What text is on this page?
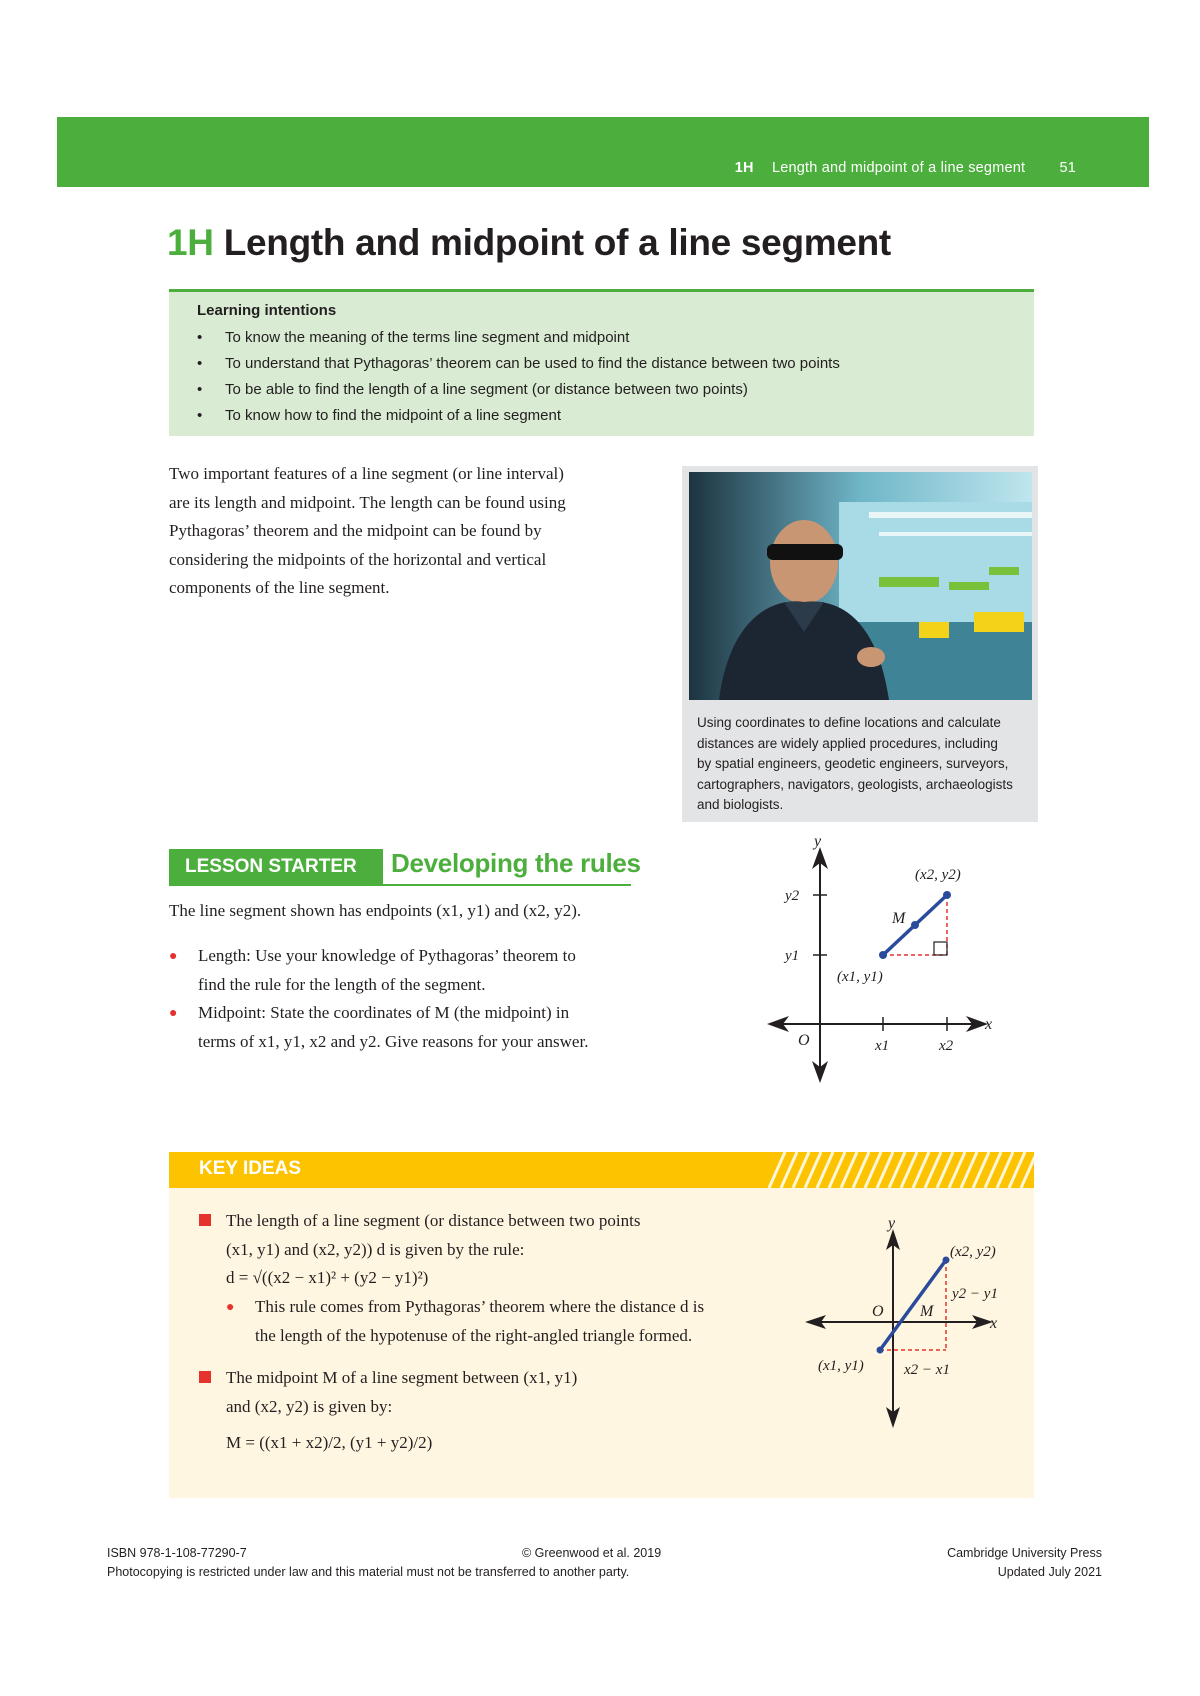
1H Length and midpoint of a line segment 51
1H Length and midpoint of a line segment
Learning intentions
• To know the meaning of the terms line segment and midpoint
• To understand that Pythagoras’ theorem can be used to find the distance between two points
• To be able to find the length of a line segment (or distance between two points)
• To know how to find the midpoint of a line segment
Two important features of a line segment (or line interval)
are its length and midpoint. The length can be found using
Pythagoras’ theorem and the midpoint can be found by
considering the midpoints of the horizontal and vertical
components of the line segment.
Using coordinates to define locations and calculate
distances are widely applied procedures, including
by spatial engineers, geodetic engineers, surveyors,
cartographers, navigators, geologists, archaeologists
and biologists.
LESSON STARTER	Developing the rules
The line segment shown has endpoints (x1, y1) and (x2, y2).
● Length: Use your knowledge of Pythagoras’ theorem to
find the rule for the length of the segment.
● Midpoint: State the coordinates of M (the midpoint) in
terms of x1, y1, x2 and y2. Give reasons for your answer.
y
x
O
M
y2
y1
x1	x2
(x1, y1)
(x2, y2)
KEY IDEAS
The length of a line segment (or distance between two points
(x1, y1) and (x2, y2)) d is given by the rule:
d = √((x2 − x1)² + (y2 − y1)²)
● This rule comes from Pythagoras’ theorem where the distance d is
the length of the hypotenuse of the right-angled triangle formed.
The midpoint M of a line segment between (x1, y1)
and (x2, y2) is given by:
M = ((x1 + x2)/2, (y1 + y2)/2)
y
x
O M
(x1, y1)
(x2, y2)
y2 − y1
x2 − x1
ISBN 978-1-108-77290-7	© Greenwood et al. 2019	Cambridge University Press
Photocopying is restricted under law and this material must not be transferred to another party.	Updated July 2021
